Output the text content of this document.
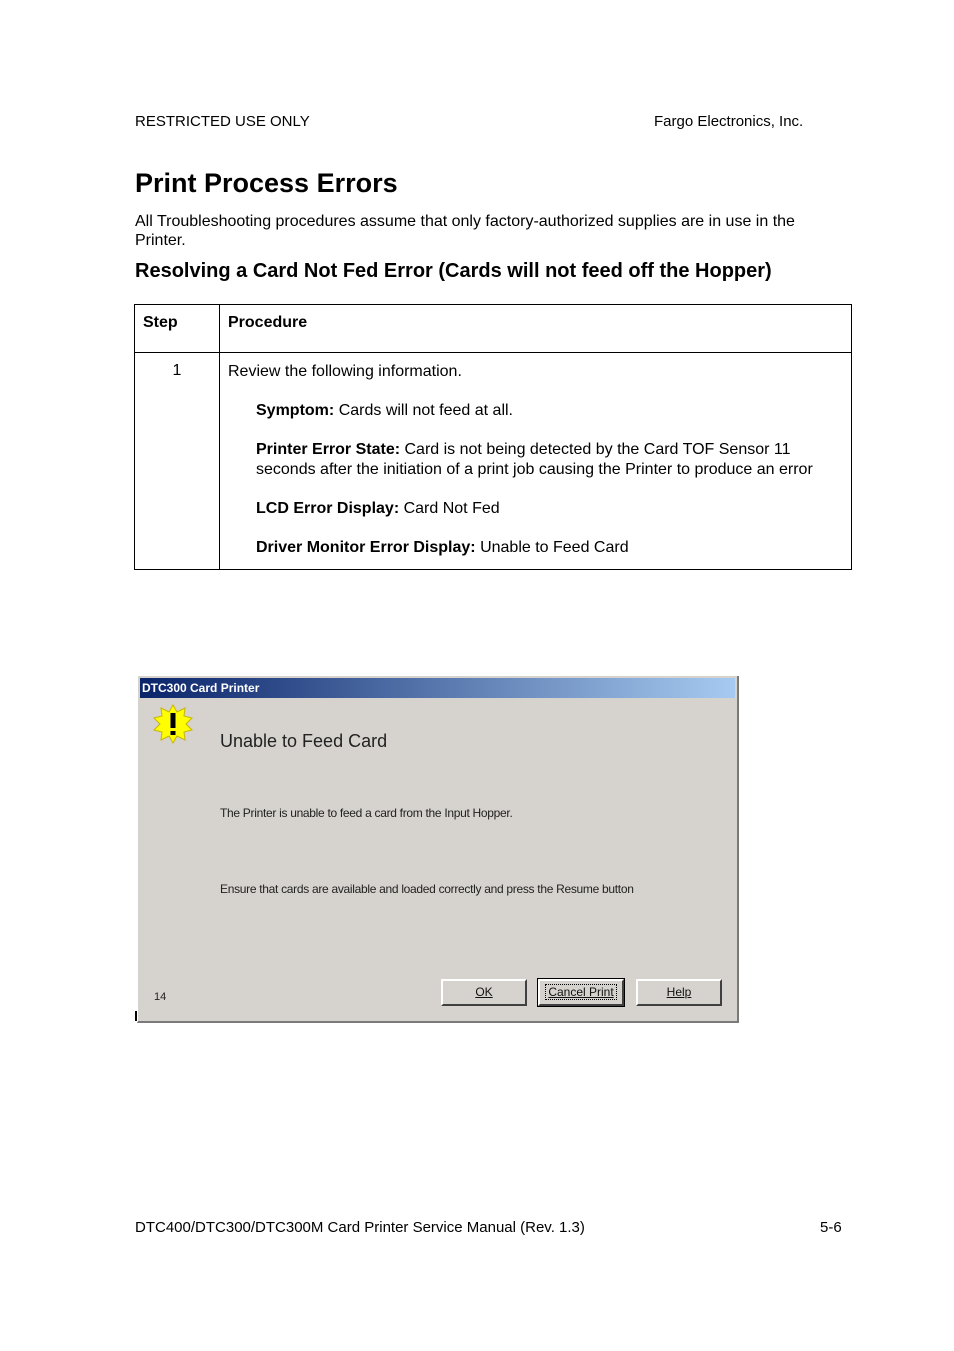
RESTRICTED USE ONLY	Fargo Electronics, Inc.
Print Process Errors

All Troubleshooting procedures assume that only factory-authorized supplies are in use in the Printer.

Resolving a Card Not Fed Error (Cards will not feed off the Hopper)
Step	Procedure
1	Review the following information.

Symptom: Cards will not feed at all.

Printer Error State: Card is not being detected by the Card TOF Sensor 11 seconds after the initiation of a print job causing the Printer to produce an error

LCD Error Display: Card Not Fed

Driver Monitor Error Display: Unable to Feed Card

DTC300 Card Printer
Unable to Feed Card
The Printer is unable to feed a card from the Input Hopper.
Ensure that cards are available and loaded correctly and press the Resume button
14	OK	Cancel Print	Help
DTC400/DTC300/DTC300M Card Printer Service Manual (Rev. 1.3)	5-6
